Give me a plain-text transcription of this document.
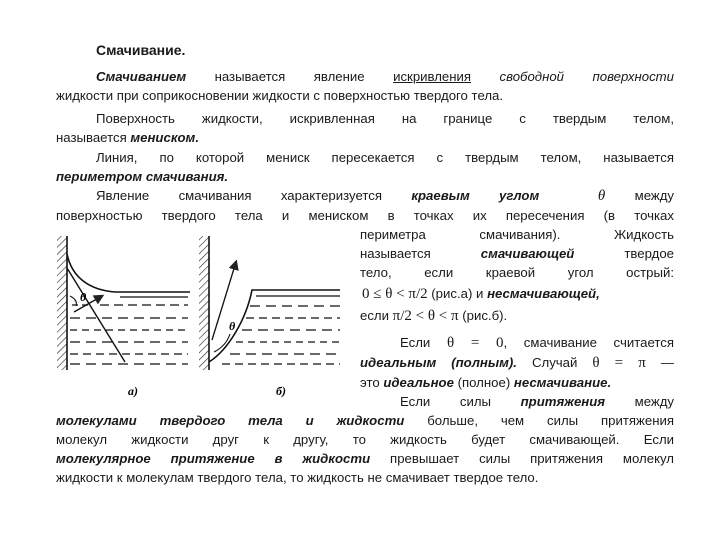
Смачивание.
Смачиванием называется явление искривления свободной поверхности
жидкости при соприкосновении жидкости с поверхностью твердого тела.
Поверхность жидкости, искривленная на границе с твердым телом,
называется мениском.
Линия, по которой мениск пересекается с твердым телом, называется
периметром смачивания.
Явление смачивания характеризуется краевым углом	θ между
поверхностью твердого тела и мениском в точках их пересечения (в точках
периметра смачивания). Жидкость
называется смачивающей твердое
тело, если краевой угол острый:
0 ≤ θ < π/2 (рис.а) и несмачивающей,
если π/2 < θ < π (рис.б).
Если θ = 0, смачивание считается
идеальным (полным). Случай θ = π —
это идеальное (полное) несмачивание.
Если силы притяжения между
молекулами твердого тела и жидкости больше, чем силы притяжения
молекул жидкости друг к другу, то жидкость будет смачивающей. Если
молекулярное притяжение в жидкости превышает силы притяжения молекул
жидкости к молекулам твердого тела, то жидкость не смачивает твердое тело.
θ
а)
θ
б)
